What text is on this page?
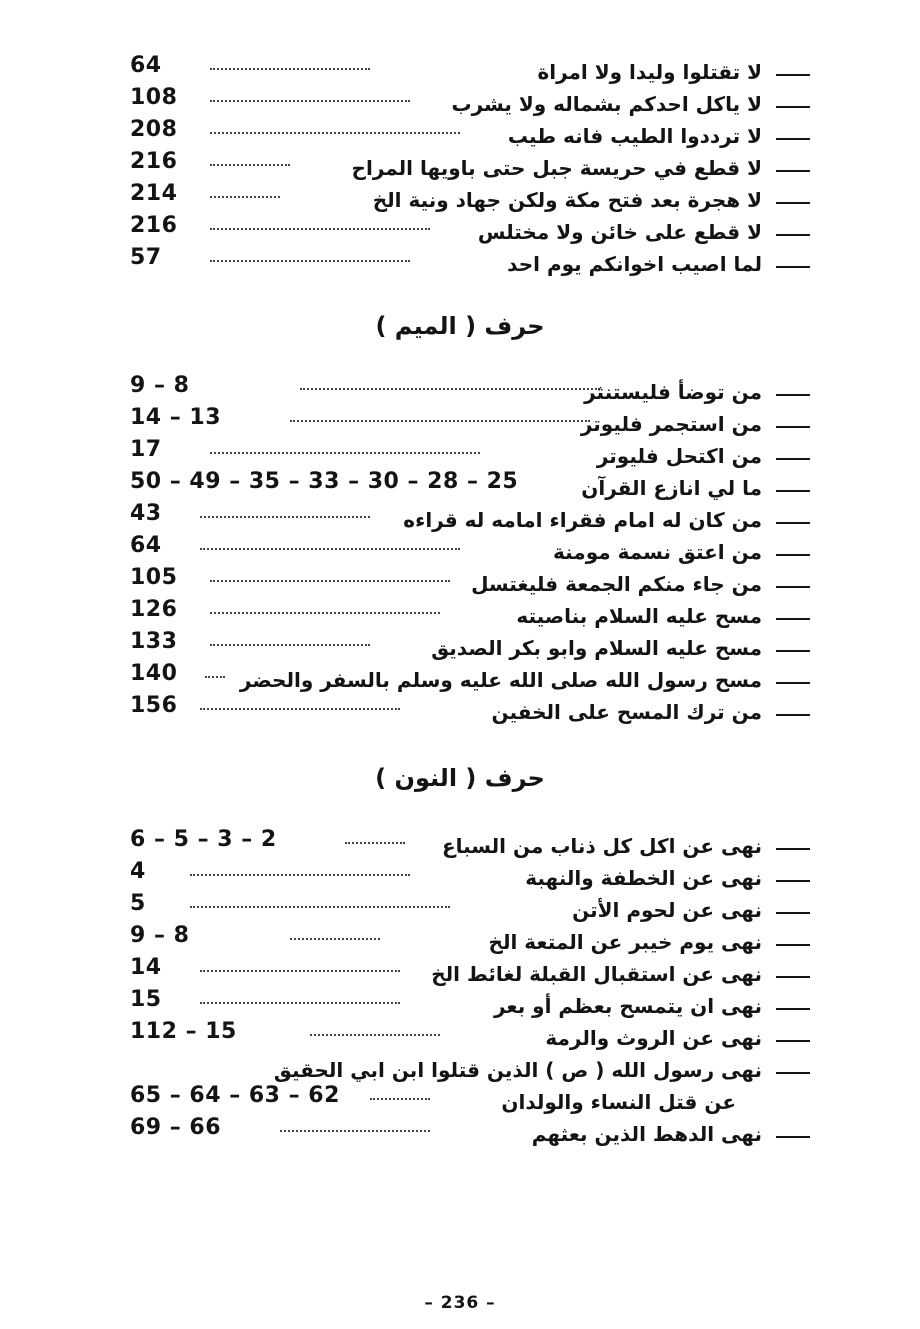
64	لا تقتلوا وليدا ولا امراة
108	لا ياكل احدكم بشماله ولا يشرب
208	لا ترددوا الطيب فانه طيب
216	لا قطع في حريسة جبل حتى باويها المراح
214	لا هجرة بعد فتح مكة ولكن جهاد ونية الخ
216	لا قطع على خائن ولا مختلس
57	لما اصيب اخوانكم يوم احد
حرف ( الميم )
9 – 8	من توضأ فليستنثر
14 – 13	من استجمر فليوتر
17	من اكتحل فليوتر
50 – 49 – 35 – 33 – 30 – 28 – 25	ما لي انازع القرآن
43	من كان له امام فقراء امامه له قراءه
64	من اعتق نسمة مومنة
105	من جاء منكم الجمعة فليغتسل
126	مسح عليه السلام بناصيته
133	مسح عليه السلام وابو بكر الصديق
140	مسح رسول الله صلى الله عليه وسلم بالسفر والحضر
156	من ترك المسح على الخفين
حرف ( النون )
6 – 5 – 3 – 2	نهى عن اكل كل ذناب من السباع
4	نهى عن الخطفة والنهبة
5	نهى عن لحوم الأتن
9 – 8	نهى يوم خيبر عن المتعة الخ
14	نهى عن استقبال القبلة لغائط الخ
15	نهى ان يتمسح بعظم أو بعر
112 – 15	نهى عن الروث والرمة
نهى رسول الله ( ص ) الذين قتلوا ابن ابي الحقيق
65 – 64 – 63 – 62	عن قتل النساء والولدان
69 – 66	نهى الدهط الذين بعثهم
– 236 –
